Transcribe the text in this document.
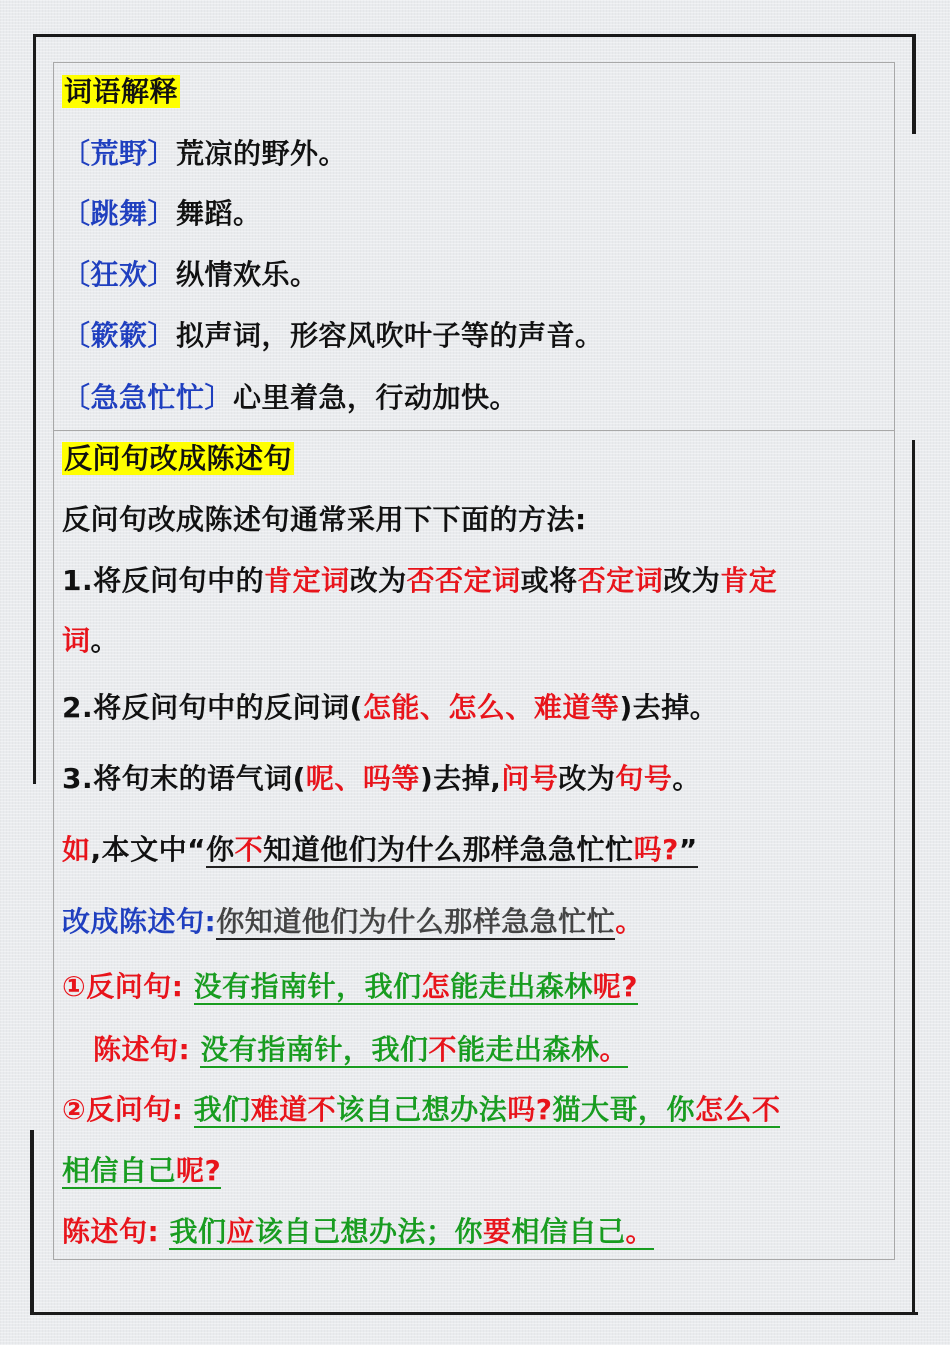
词语解释
〔荒野〕荒凉的野外。
〔跳舞〕舞蹈。
〔狂欢〕纵情欢乐。
〔簌簌〕拟声词，形容风吹叶子等的声音。
〔急急忙忙〕心里着急，行动加快。
反问句改成陈述句
反问句改成陈述句通常采用下下面的方法:
1.将反问句中的肯定词改为否否定词或将否定词改为肯定
词。
2.将反问句中的反问词(怎能、怎么、难道等)去掉。
3.将句末的语气词(呢、吗等)去掉,问号改为句号。
如,本文中“你不知道他们为什么那样急急忙忙吗?”
改成陈述句:你知道他们为什么那样急急忙忙。
①反问句: 没有指南针，我们怎能走出森林呢?
陈述句: 没有指南针，我们不能走出森林。
②反问句: 我们难道不该自己想办法吗?猫大哥，你怎么不
相信自己呢?
陈述句: 我们应该自己想办法；你要相信自己。
